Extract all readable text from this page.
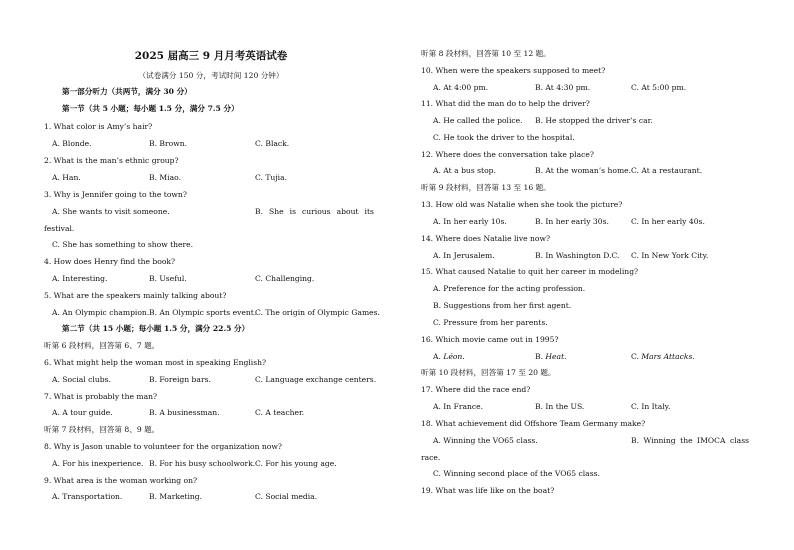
2025 届高三 9 月月考英语试卷
（试卷满分 150 分，考试时间 120 分钟）
第一部分听力（共两节，满分 30 分）
第一节（共 5 小题；每小题 1.5 分，满分 7.5 分）
1. What color is Amy’s hair?
A. Blonde.	B. Brown.	C. Black.
2. What is the man’s ethnic group?
A. Han.	B. Miao.	C. Tujia.
3. Why is Jennifer going to the town?
A. She wants to visit someone.	B. She is curious about its
festival.
C. She has something to show there.
4. How does Henry find the book?
A. Interesting.	B. Useful.	C. Challenging.
5. What are the speakers mainly talking about?
A. An Olympic champion. B. An Olympic sports event.
C. The origin of Olympic Games.
第二节（共 15 小题；每小题 1.5 分，满分 22.5 分）
听第 6 段材料，回答第 6、7 题。
6. What might help the woman most in speaking English?
A. Social clubs.	B. Foreign bars.	C. Language exchange centers.
7. What is probably the man?
A. A tour guide.	B. A businessman.	C. A teacher.
听第 7 段材料，回答第 8、9 题。
8. Why is Jason unable to volunteer for the organization now?
A. For his inexperience. B. For his busy schoolwork. C. For his young age.
9. What area is the woman working on?
A. Transportation.	B. Marketing.	C. Social media.
听第 8 段材料，回答第 10 至 12 题。
10. When were the speakers supposed to meet?
A. At 4:00 pm.	B. At 4:30 pm.	C. At 5:00 pm.
11. What did the man do to help the driver?
A. He called the police. B. He stopped the driver’s car.
C. He took the driver to the hospital.
12. Where does the conversation take place?
A. At a bus stop.	B. At the woman’s home. C. At a restaurant.
听第 9 段材料，回答第 13 至 16 题。
13. How old was Natalie when she took the picture?
A. In her early 10s.	B. In her early 30s.	C. In her early 40s.
14. Where does Natalie live now?
A. In Jerusalem.	B. In Washington D.C. C. In New York City.
15. What caused Natalie to quit her career in modeling?
A. Preference for the acting profession.
B. Suggestions from her first agent.
C. Pressure from her parents.
16. Which movie came out in 1995?
A. Léon.	B. Heat.	C. Mars Attacks.
听第 10 段材料，回答第 17 至 20 题。
17. Where did the race end?
A. In France.	B. In the US.	C. In Italy.
18. What achievement did Offshore Team Germany make?
A. Winning the VO65 class.	B. Winning the IMOCA class
race.
C. Winning second place of the VO65 class.
19. What was life like on the boat?
